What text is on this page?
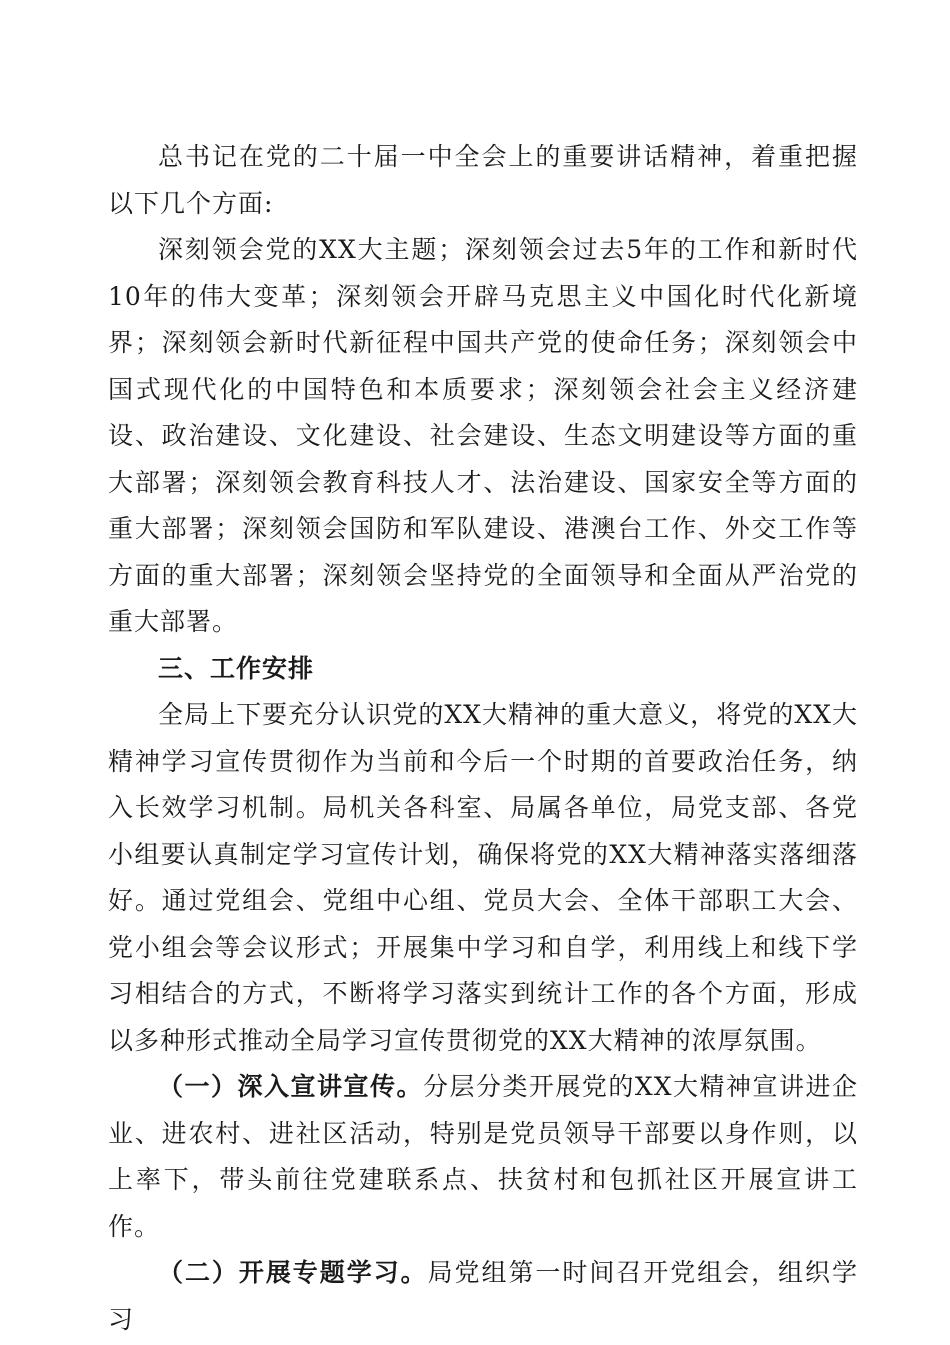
总书记在党的二十届一中全会上的重要讲话精神，着重把握以下几个方面:

深刻领会党的XX大主题；深刻领会过去5年的工作和新时代10年的伟大变革；深刻领会开辟马克思主义中国化时代化新境界；深刻领会新时代新征程中国共产党的使命任务；深刻领会中国式现代化的中国特色和本质要求；深刻领会社会主义经济建设、政治建设、文化建设、社会建设、生态文明建设等方面的重大部署；深刻领会教育科技人才、法治建设、国家安全等方面的重大部署；深刻领会国防和军队建设、港澳台工作、外交工作等方面的重大部署；深刻领会坚持党的全面领导和全面从严治党的重大部署。

三、工作安排

全局上下要充分认识党的XX大精神的重大意义，将党的XX大精神学习宣传贯彻作为当前和今后一个时期的首要政治任务，纳入长效学习机制。局机关各科室、局属各单位，局党支部、各党小组要认真制定学习宣传计划，确保将党的XX大精神落实落细落好。通过党组会、党组中心组、党员大会、全体干部职工大会、党小组会等会议形式；开展集中学习和自学，利用线上和线下学习相结合的方式，不断将学习落实到统计工作的各个方面，形成以多种形式推动全局学习宣传贯彻党的XX大精神的浓厚氛围。

（一）深入宣讲宣传。分层分类开展党的XX大精神宣讲进企业、进农村、进社区活动，特别是党员领导干部要以身作则，以上率下，带头前往党建联系点、扶贫村和包抓社区开展宣讲工作。

（二）开展专题学习。局党组第一时间召开党组会，组织学习
